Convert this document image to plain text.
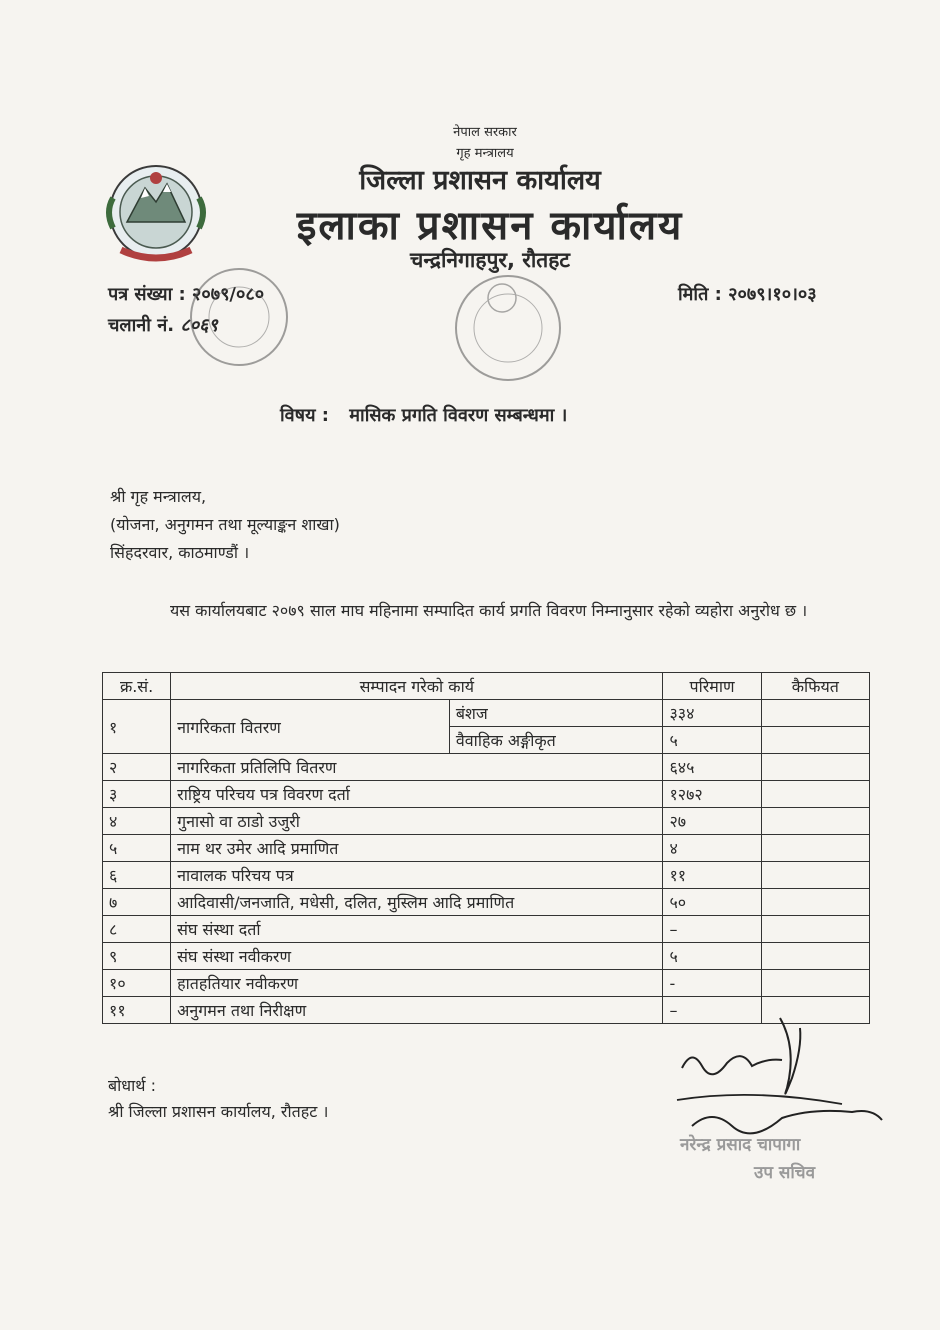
नेपाल सरकार
गृह मन्त्रालय
जिल्ला प्रशासन कार्यालय
इलाका प्रशासन कार्यालय
चन्द्रनिगाहपुर, रौतहट
पत्र संख्या : २०७९/०८०
चलानी नं. ८०६९
मिति : २०७९।१०।०३
विषय : मासिक प्रगति विवरण सम्बन्धमा ।
श्री गृह मन्त्रालय,
(योजना, अनुगमन तथा मूल्याङ्कन शाखा)
सिंहदरवार, काठमाण्डौं ।
यस कार्यालयबाट २०७९ साल माघ महिनामा सम्पादित कार्य प्रगति विवरण निम्नानुसार रहेको व्यहोरा अनुरोध छ ।
क्र.सं.	सम्पादन गरेको कार्य		परिमाण	कैफियत
१	नागरिकता वितरण	बंशज	३३४	
		वैवाहिक अङ्गीकृत	५	
२	नागरिकता प्रतिलिपि वितरण		६४५	
३	राष्ट्रिय परिचय पत्र विवरण दर्ता		१२७२	
४	गुनासो वा ठाडो उजुरी		२७	
५	नाम थर उमेर आदि प्रमाणित		४	
६	नावालक परिचय पत्र		११	
७	आदिवासी/जनजाति, मधेसी, दलित, मुस्लिम आदि प्रमाणित		५०	
८	संघ संस्था दर्ता		–	
९	संघ संस्था नवीकरण		५	
१०	हातहतियार नवीकरण		-	
११	अनुगमन तथा निरीक्षण		–	
बोधार्थ :
श्री जिल्ला प्रशासन कार्यालय, रौतहट ।
नरेन्द्र प्रसाद चापागा
उप सचिव
